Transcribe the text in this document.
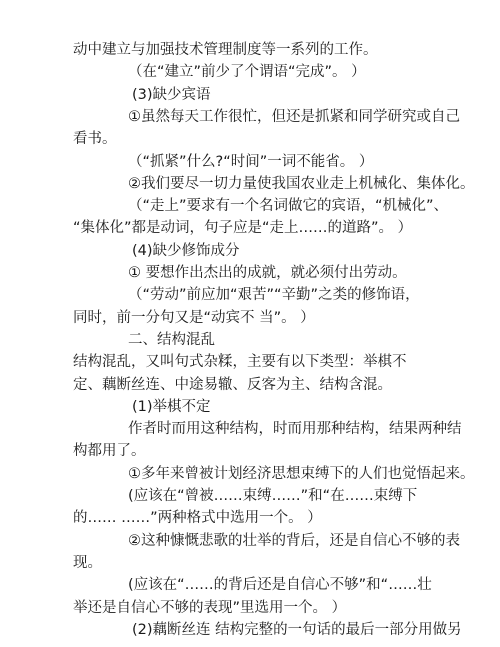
动中建立与加强技术管理制度等一系列的工作。
（在“建立”前少了个谓语“完成”。 ）
(3)缺少宾语
①虽然每天工作很忙，但还是抓紧和同学研究或自己
看书。
（“抓紧”什么?“时间”一词不能省。 ）
②我们要尽一切力量使我国农业走上机械化、集体化。
（“走上”要求有一个名词做它的宾语，“机械化”、
“集体化”都是动词，句子应是“走上……的道路”。 ）
(4)缺少修饰成分
① 要想作出杰出的成就，就必须付出劳动。
（“劳动”前应加“艰苦”“辛勤”之类的修饰语，
同时，前一分句又是“动宾不 当”。 ）
二、结构混乱
结构混乱，又叫句式杂糅，主要有以下类型：举棋不
定、藕断丝连、中途易辙、反客为主、结构含混。
(1)举棋不定
作者时而用这种结构，时而用那种结构，结果两种结
构都用了。
①多年来曾被计划经济思想束缚下的人们也觉悟起来。
(应该在“曾被……束缚……”和“在……束缚下
的…… ……”两种格式中选用一个。 ）
②这种慷慨悲歌的壮举的背后，还是自信心不够的表
现。
(应该在“……的背后还是自信心不够”和“……壮
举还是自信心不够的表现”里选用一个。 ）
(2)藕断丝连 结构完整的一句话的最后一部分用做另
